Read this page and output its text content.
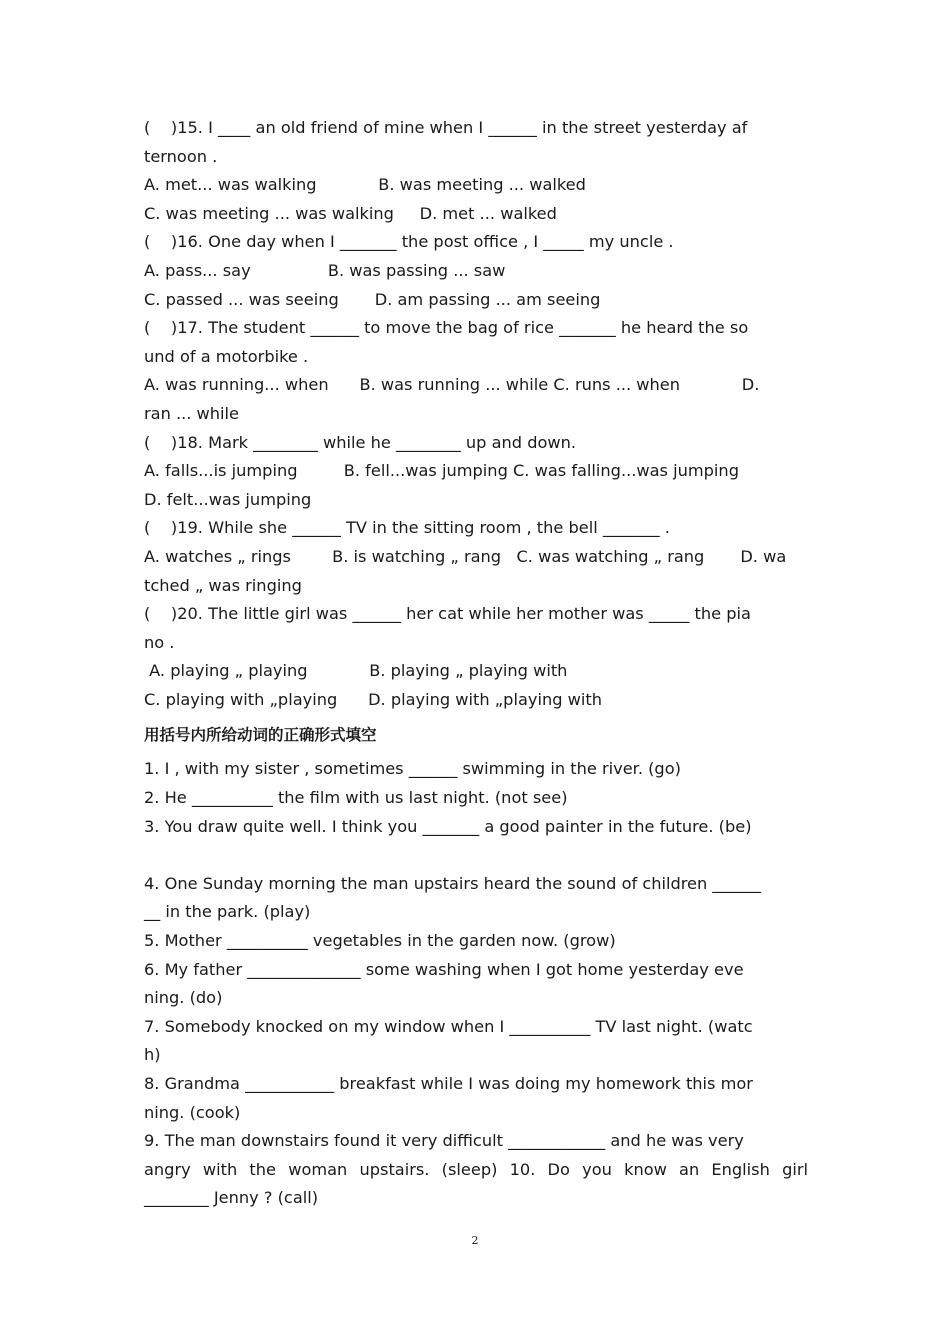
(    )15. I ____ an old friend of mine when I ______ in the street yesterday af
ternoon .
A. met... was walking            B. was meeting ... walked
C. was meeting ... was walking     D. met ... walked
(    )16. One day when I _______ the post office , I _____ my uncle .
A. pass... say               B. was passing ... saw
C. passed ... was seeing       D. am passing ... am seeing
(    )17. The student ______ to move the bag of rice _______ he heard the so
und of a motorbike .
A. was running... when      B. was running ... while C. runs ... when            D.
ran ... while
(    )18. Mark ________ while he ________ up and down.
A. falls...is jumping         B. fell...was jumping C. was falling...was jumping
D. felt...was jumping
(    )19. While she ______ TV in the sitting room , the bell _______ .
A. watches „ rings        B. is watching „ rang   C. was watching „ rang       D. wa
tched „ was ringing
(    )20. The little girl was ______ her cat while her mother was _____ the pia
no .
A. playing „ playing            B. playing „ playing with
C. playing with „playing      D. playing with „playing with
用括号内所给动词的正确形式填空
1. I , with my sister , sometimes ______ swimming in the river. (go)
2. He __________ the film with us last night. (not see)
3. You draw quite well. I think you _______ a good painter in the future. (be)
4. One Sunday morning the man upstairs heard the sound of children ______
__ in the park. (play)
5. Mother __________ vegetables in the garden now. (grow)
6. My father ______________ some washing when I got home yesterday eve
ning. (do)
7. Somebody knocked on my window when I __________ TV last night. (watc
h)
8. Grandma ___________ breakfast while I was doing my homework this mor
ning. (cook)
9. The man downstairs found it very difficult ____________ and he was very
angry with the woman upstairs. (sleep) 10. Do you know an English girl
________ Jenny ? (call)
2
